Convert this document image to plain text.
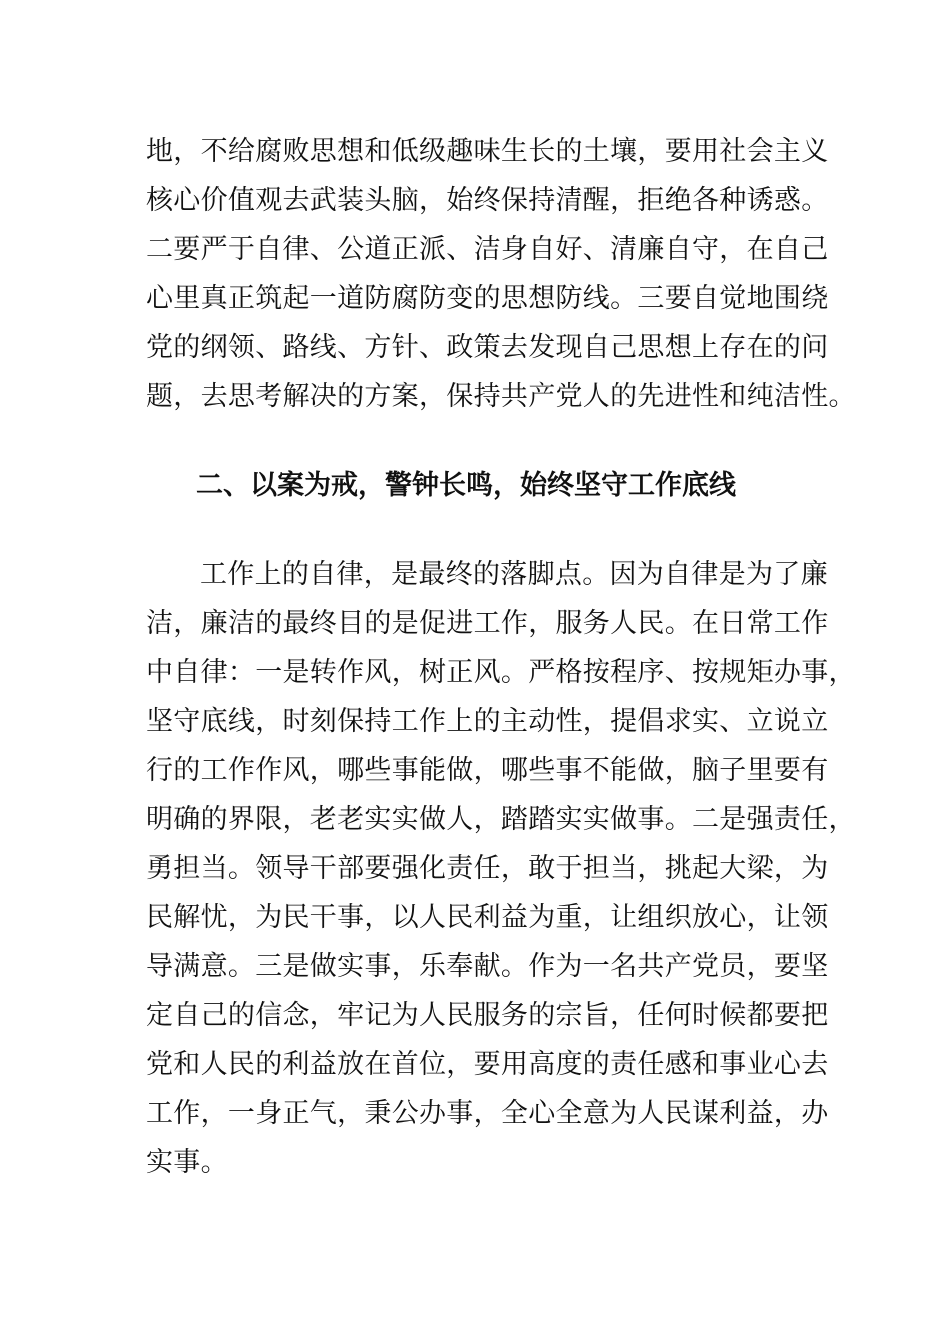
地，不给腐败思想和低级趣味生长的土壤，要用社会主义
核心价值观去武装头脑，始终保持清醒，拒绝各种诱惑。
二要严于自律、公道正派、洁身自好、清廉自守，在自己
心里真正筑起一道防腐防变的思想防线。三要自觉地围绕
党的纲领、路线、方针、政策去发现自己思想上存在的问
题，去思考解决的方案，保持共产党人的先进性和纯洁性。
二、以案为戒，警钟长鸣，始终坚守工作底线
工作上的自律，是最终的落脚点。因为自律是为了廉
洁，廉洁的最终目的是促进工作，服务人民。在日常工作
中自律：一是转作风，树正风。严格按程序、按规矩办事，
坚守底线，时刻保持工作上的主动性，提倡求实、立说立
行的工作作风，哪些事能做，哪些事不能做，脑子里要有
明确的界限，老老实实做人，踏踏实实做事。二是强责任，
勇担当。领导干部要强化责任，敢于担当，挑起大梁，为
民解忧，为民干事，以人民利益为重，让组织放心，让领
导满意。三是做实事，乐奉献。作为一名共产党员，要坚
定自己的信念，牢记为人民服务的宗旨，任何时候都要把
党和人民的利益放在首位，要用高度的责任感和事业心去
工作，一身正气，秉公办事，全心全意为人民谋利益，办
实事。
